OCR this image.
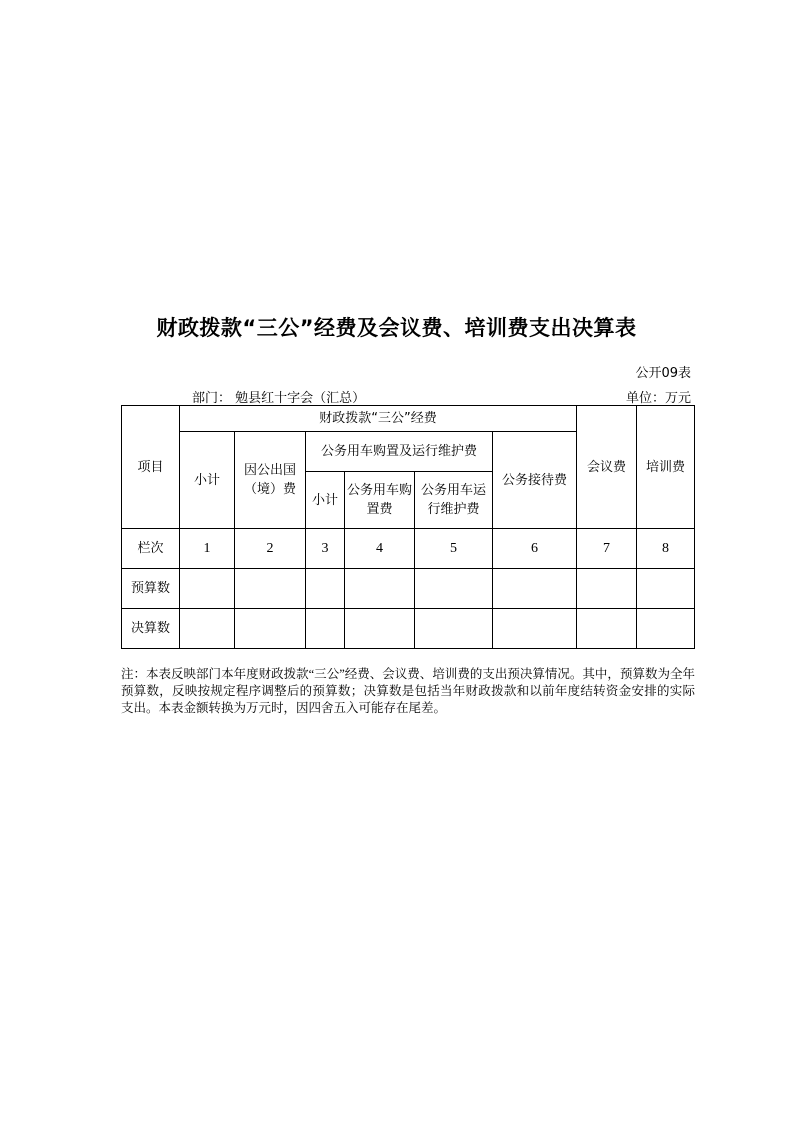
财政拨款“三公”经费及会议费、培训费支出决算表
公开09表
部门： 勉县红十字会（汇总）	单位：万元
项目	财政拨款“三公”经费						会议费	培训费
	小计	因公出国（境）费	公务用车购置及运行维护费			公务接待费		
			小计	公务用车购置费	公务用车运行维护费			
栏次	1	2	3	4	5	6	7	8
预算数								
决算数								
注：本表反映部门本年度财政拨款“三公”经费、会议费、培训费的支出预决算情况。其中，预算数为全年预算数，反映按规定程序调整后的预算数；决算数是包括当年财政拨款和以前年度结转资金安排的实际支出。本表金额转换为万元时，因四舍五入可能存在尾差。
